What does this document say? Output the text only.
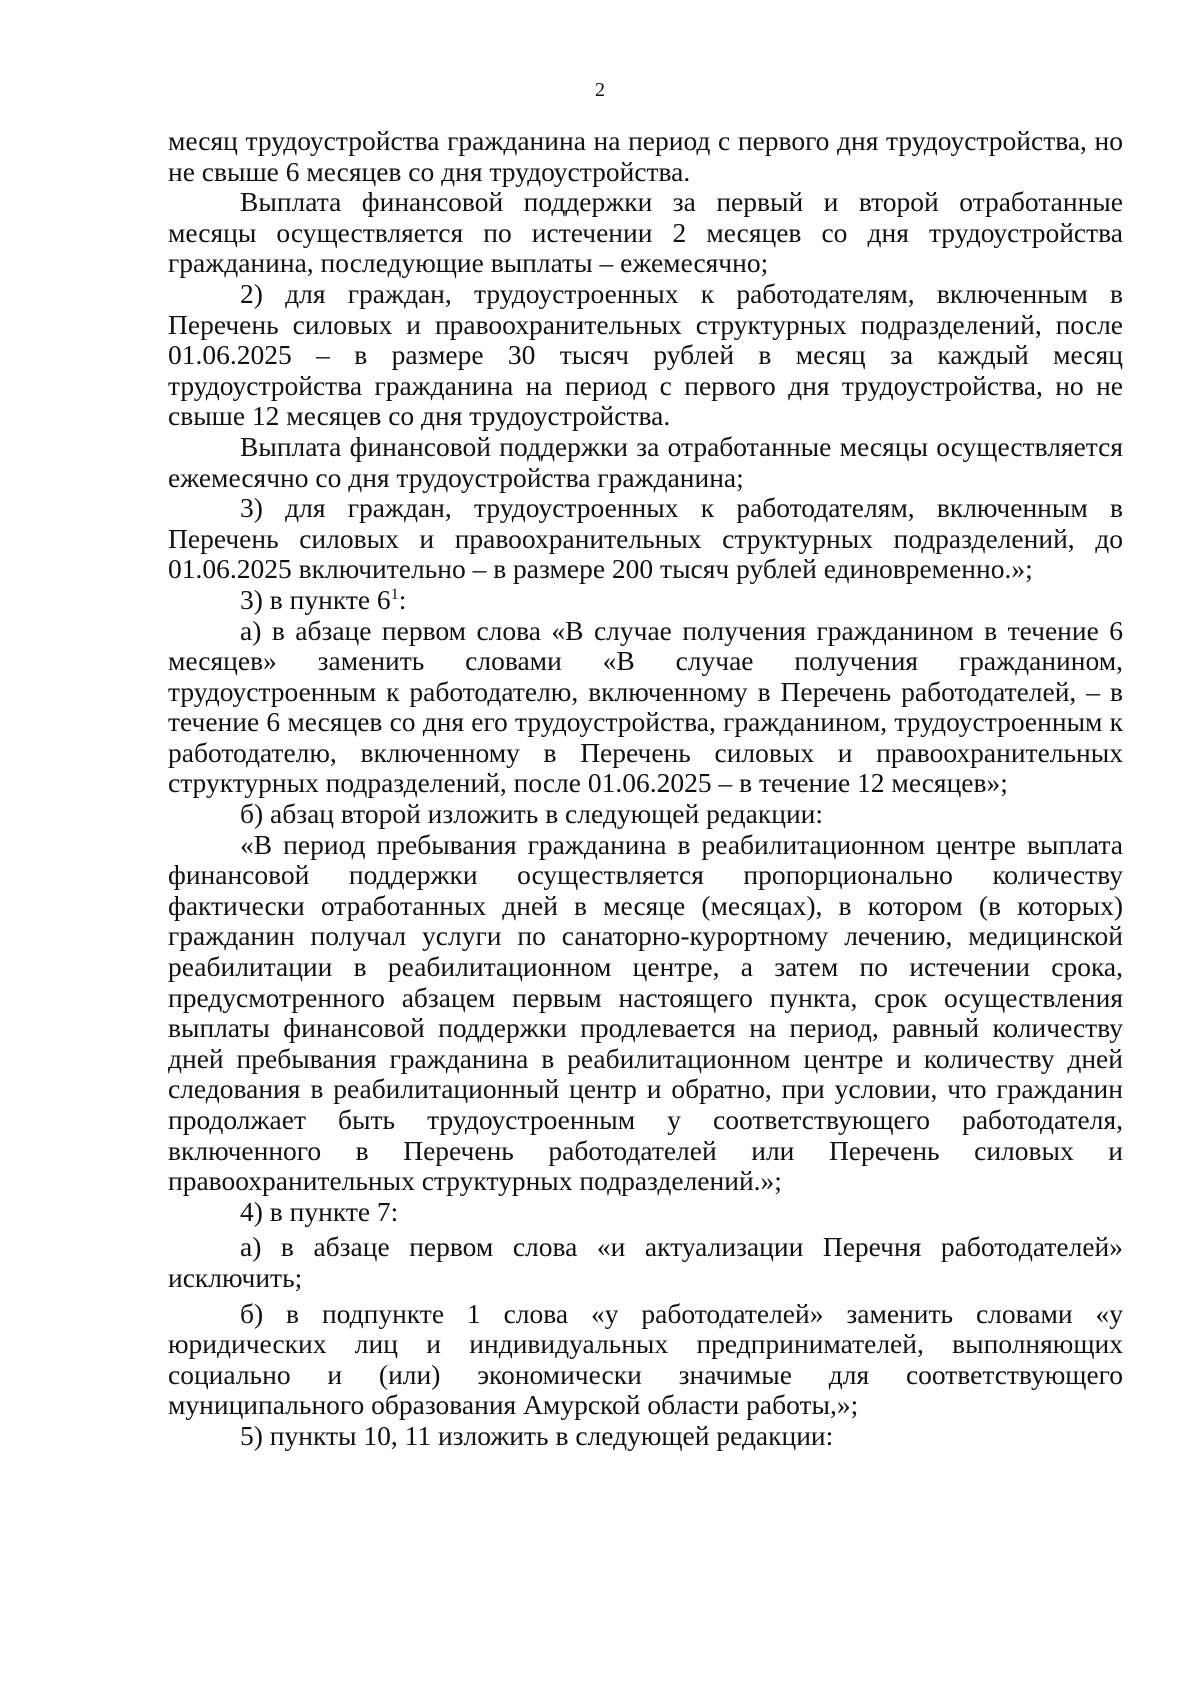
2

месяц трудоустройства гражданина на период с первого дня трудоустройства, но не свыше 6 месяцев со дня трудоустройства.

Выплата финансовой поддержки за первый и второй отработанные месяцы осуществляется по истечении 2 месяцев со дня трудоустройства гражданина, последующие выплаты – ежемесячно;

2) для граждан, трудоустроенных к работодателям, включенным в Перечень силовых и правоохранительных структурных подразделений, после 01.06.2025 – в размере 30 тысяч рублей в месяц за каждый месяц трудоустройства гражданина на период с первого дня трудоустройства, но не свыше 12 месяцев со дня трудоустройства.

Выплата финансовой поддержки за отработанные месяцы осуществляется ежемесячно со дня трудоустройства гражданина;

3) для граждан, трудоустроенных к работодателям, включенным в Перечень силовых и правоохранительных структурных подразделений, до 01.06.2025 включительно – в размере 200 тысяч рублей единовременно.»;

3) в пункте $6^1$:

а) в абзаце первом слова «В случае получения гражданином в течение 6 месяцев» заменить словами «В случае получения гражданином, трудоустроенным к работодателю, включенному в Перечень работодателей, – в течение 6 месяцев со дня его трудоустройства, гражданином, трудоустроенным к работодателю, включенному в Перечень силовых и правоохранительных структурных подразделений, после 01.06.2025 – в течение 12 месяцев»;

б) абзац второй изложить в следующей редакции:

«В период пребывания гражданина в реабилитационном центре выплата финансовой поддержки осуществляется пропорционально количеству фактически отработанных дней в месяце (месяцах), в котором (в которых) гражданин получал услуги по санаторно-курортному лечению, медицинской реабилитации в реабилитационном центре, а затем по истечении срока, предусмотренного абзацем первым настоящего пункта, срок осуществления выплаты финансовой поддержки продлевается на период, равный количеству дней пребывания гражданина в реабилитационном центре и количеству дней следования в реабилитационный центр и обратно, при условии, что гражданин продолжает быть трудоустроенным у соответствующего работодателя, включенного в Перечень работодателей или Перечень силовых и правоохранительных структурных подразделений.»;

4) в пункте 7:

а) в абзаце первом слова «и актуализации Перечня работодателей» исключить;

б) в подпункте 1 слова «у работодателей» заменить словами «у юридических лиц и индивидуальных предпринимателей, выполняющих социально и (или) экономически значимые для соответствующего муниципального образования Амурской области работы,»;

5) пункты 10, 11 изложить в следующей редакции:
